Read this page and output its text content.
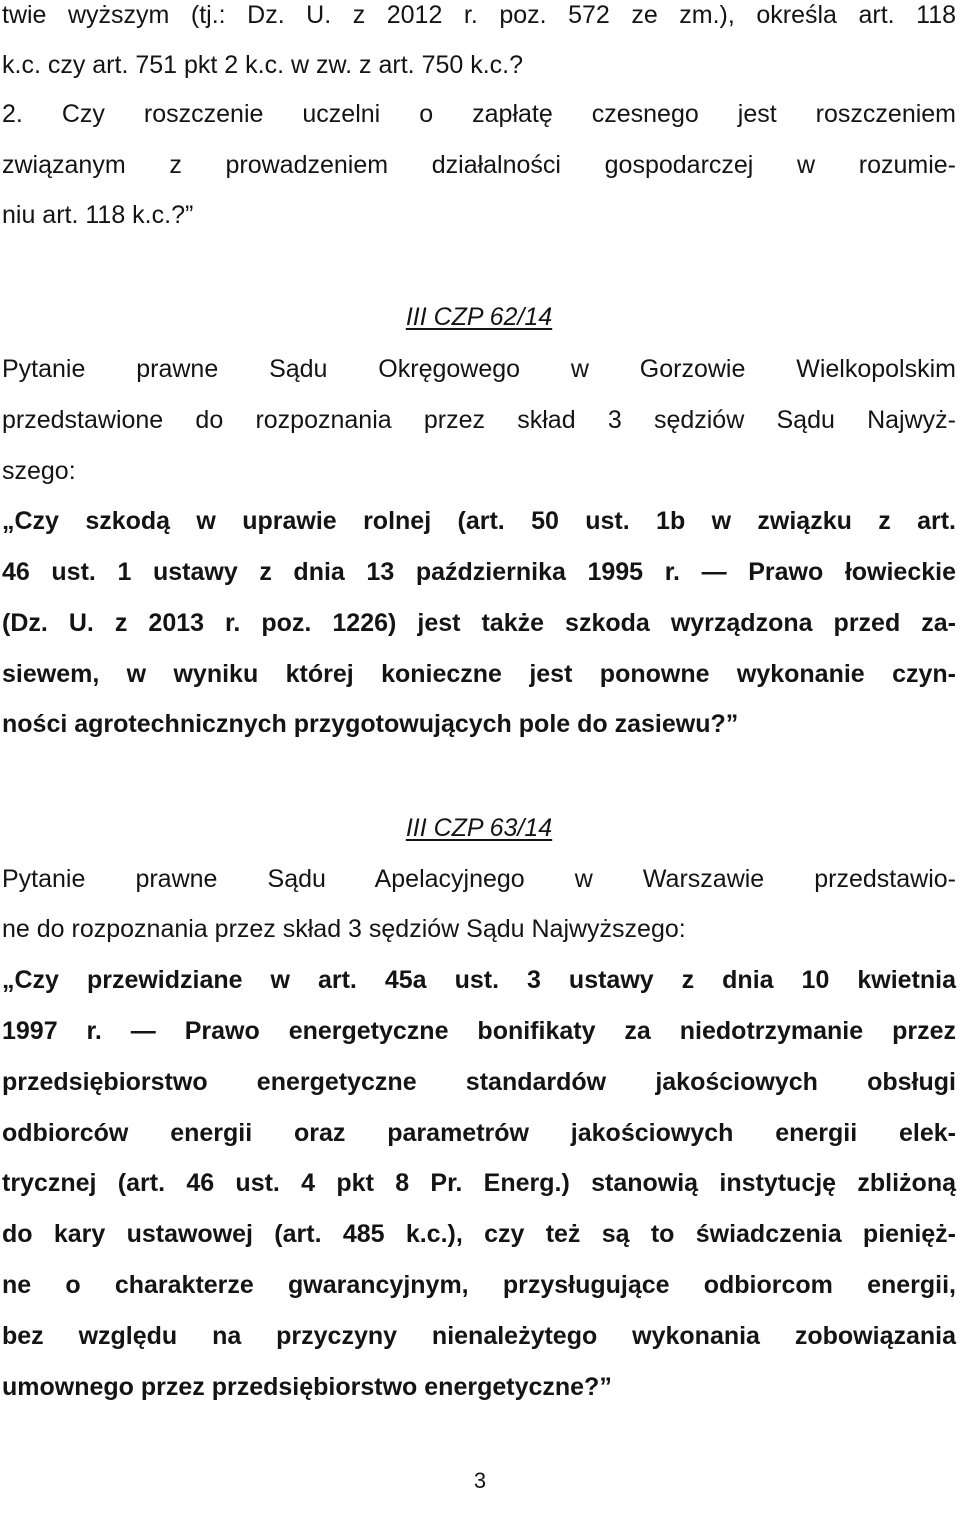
twie wyższym (tj.: Dz. U. z 2012 r. poz. 572 ze zm.), określa art. 118
k.c. czy art. 751 pkt 2 k.c. w zw. z art. 750 k.c.?
2. Czy roszczenie uczelni o zapłatę czesnego jest roszczeniem
związanym z prowadzeniem działalności gospodarczej w rozumie-
niu art. 118 k.c.?”
III CZP 62/14
Pytanie prawne Sądu Okręgowego w Gorzowie Wielkopolskim
przedstawione do rozpoznania przez skład 3 sędziów Sądu Najwyż-
szego:
„Czy szkodą w uprawie rolnej (art. 50 ust. 1b w związku z art.
46 ust. 1 ustawy z dnia 13 października 1995 r. — Prawo łowieckie
(Dz. U. z 2013 r. poz. 1226) jest także szkoda wyrządzona przed za-
siewem, w wyniku której konieczne jest ponowne wykonanie czyn-
ności agrotechnicznych przygotowujących pole do zasiewu?”
III CZP 63/14
Pytanie prawne Sądu Apelacyjnego w Warszawie przedstawio-
ne do rozpoznania przez skład 3 sędziów Sądu Najwyższego:
„Czy przewidziane w art. 45a ust. 3 ustawy z dnia 10 kwietnia
1997 r. — Prawo energetyczne bonifikaty za niedotrzymanie przez
przedsiębiorstwo energetyczne standardów jakościowych obsługi
odbiorców energii oraz parametrów jakościowych energii elek-
trycznej (art. 46 ust. 4 pkt 8 Pr. Energ.) stanowią instytucję zbliżoną
do kary ustawowej (art. 485 k.c.), czy też są to świadczenia pienięż-
ne o charakterze gwarancyjnym, przysługujące odbiorcom energii,
bez względu na przyczyny nienależytego wykonania zobowiązania
umownego przez przedsiębiorstwo energetyczne?”
3
